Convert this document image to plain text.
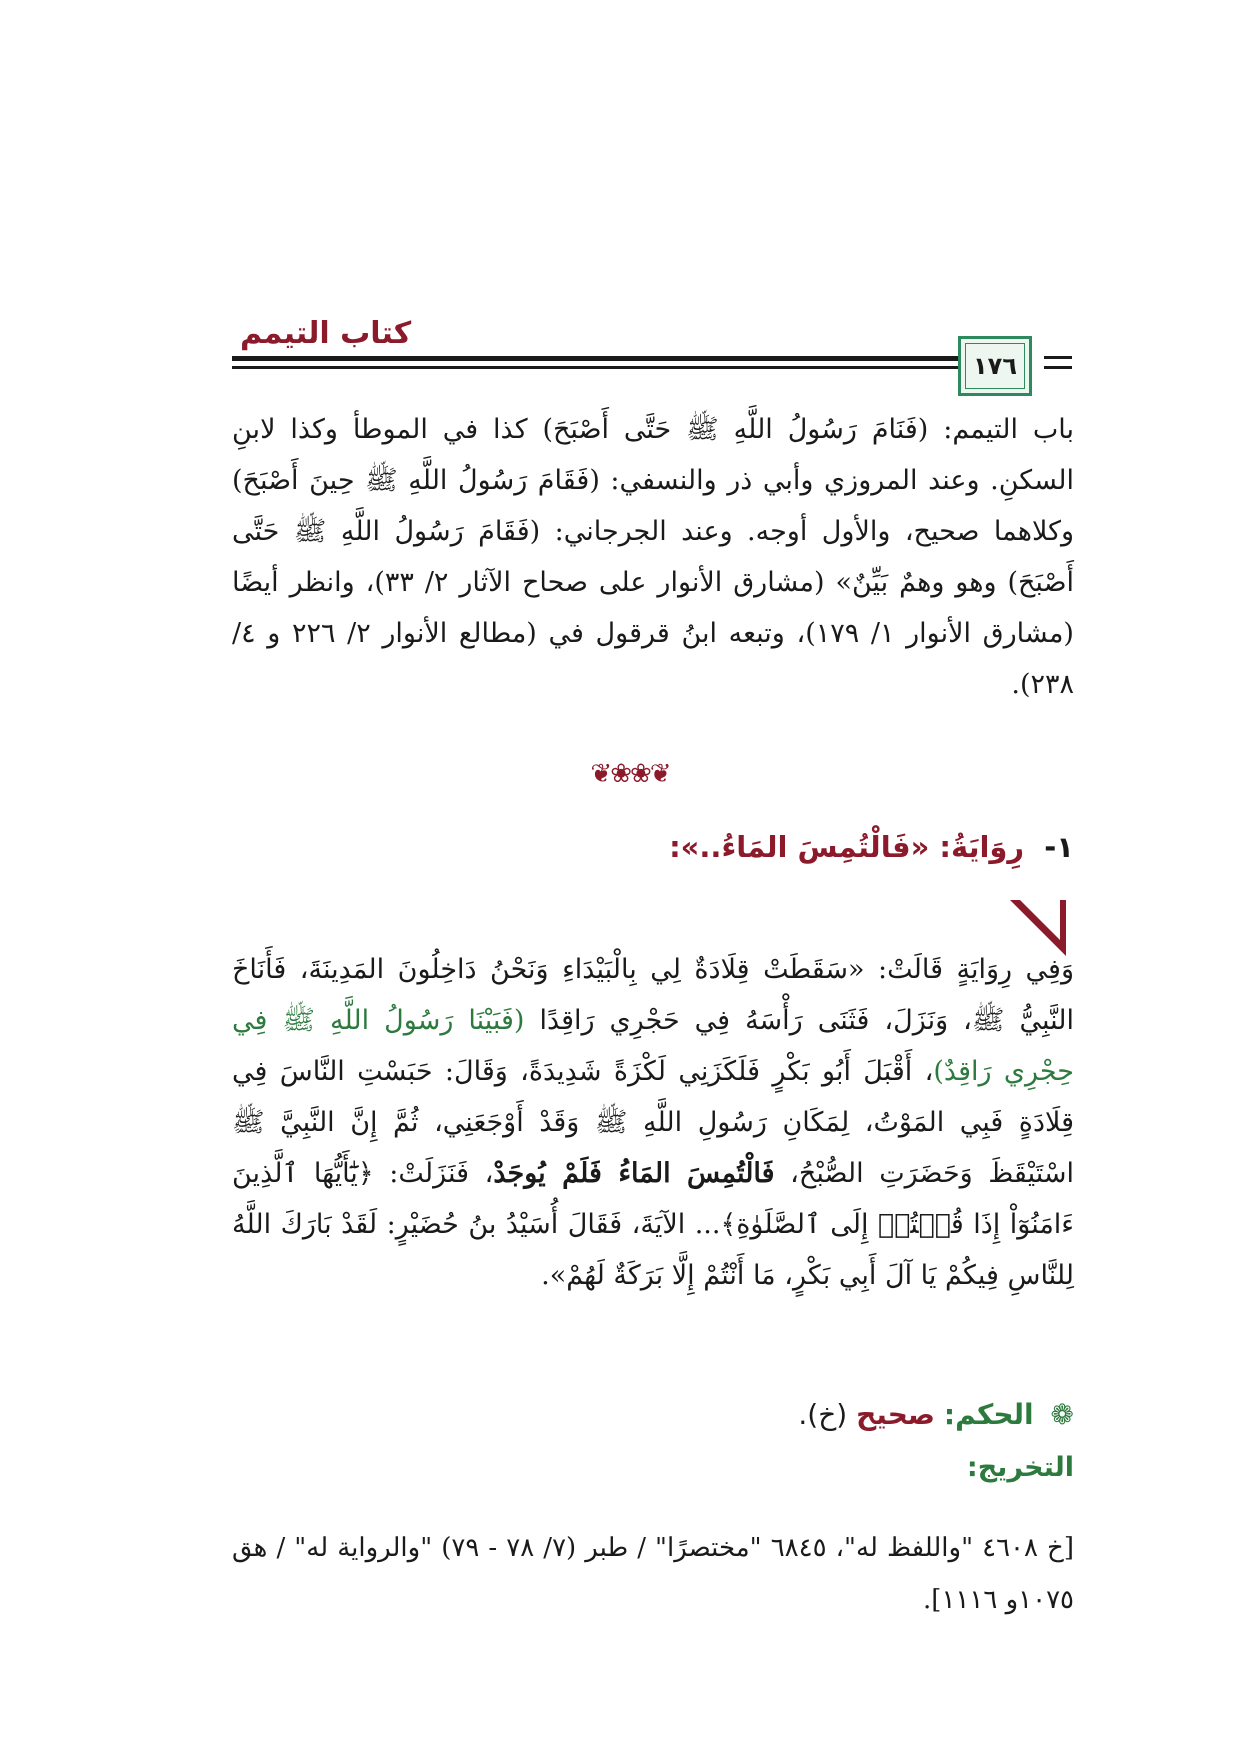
كتاب التيمم
١٧٦
باب التيمم: (فَنَامَ رَسُولُ اللَّهِ ﷺ حَتَّى أَصْبَحَ) كذا في الموطأ وكذا لابنِ السكنِ. وعند المروزي وأبي ذر والنسفي: (فَقَامَ رَسُولُ اللَّهِ ﷺ حِينَ أَصْبَحَ) وكلاهما صحيح، والأول أوجه. وعند الجرجاني: (فَقَامَ رَسُولُ اللَّهِ ﷺ حَتَّى أَصْبَحَ) وهو وهمٌ بَيِّنٌ» (مشارق الأنوار على صحاح الآثار ٢/ ٣٣)، وانظر أيضًا (مشارق الأنوار ١/ ١٧٩)، وتبعه ابنُ قرقول في (مطالع الأنوار ٢/ ٢٢٦ و ٤/ ٢٣٨).
❦❀❀❦
١- رِوَايَةُ: «فَالْتُمِسَ المَاءُ..»:
وَفِي رِوَايَةٍ قَالَتْ: «سَقَطَتْ قِلَادَةٌ لِي بِالْبَيْدَاءِ وَنَحْنُ دَاخِلُونَ المَدِينَةَ، فَأَنَاخَ النَّبِيُّ ﷺ، وَنَزَلَ، فَثَنَى رَأْسَهُ فِي حَجْرِي رَاقِدًا (فَبَيْنَا رَسُولُ اللَّهِ ﷺ فِي حِجْرِي رَاقِدٌ)، أَقْبَلَ أَبُو بَكْرٍ فَلَكَزَنِي لَكْزَةً شَدِيدَةً، وَقَالَ: حَبَسْتِ النَّاسَ فِي قِلَادَةٍ فَبِي المَوْتُ، لِمَكَانِ رَسُولِ اللَّهِ ﷺ وَقَدْ أَوْجَعَنِي، ثُمَّ إِنَّ النَّبِيَّ ﷺ اسْتَيْقَظَ وَحَضَرَتِ الصُّبْحُ، فَالْتُمِسَ المَاءُ فَلَمْ يُوجَدْ، فَنَزَلَتْ: ﴿يَٰٓأَيُّهَا ٱلَّذِينَ ءَامَنُوٓاْ إِذَا قُمۡتُمۡ إِلَى ٱلصَّلَوٰةِ﴾... الآيَةَ، فَقَالَ أُسَيْدُ بنُ حُضَيْرٍ: لَقَدْ بَارَكَ اللَّهُ لِلنَّاسِ فِيكُمْ يَا آلَ أَبِي بَكْرٍ، مَا أَنْتُمْ إِلَّا بَرَكَةٌ لَهُمْ».
❁ الحكم: صحيح (خ).
التخريج:
[خ ٤٦٠٨ "واللفظ له"، ٦٨٤٥ "مختصرًا" / طبر (٧/ ٧٨ - ٧٩) "والرواية له" / هق ١٠٧٥و ١١١٦].
